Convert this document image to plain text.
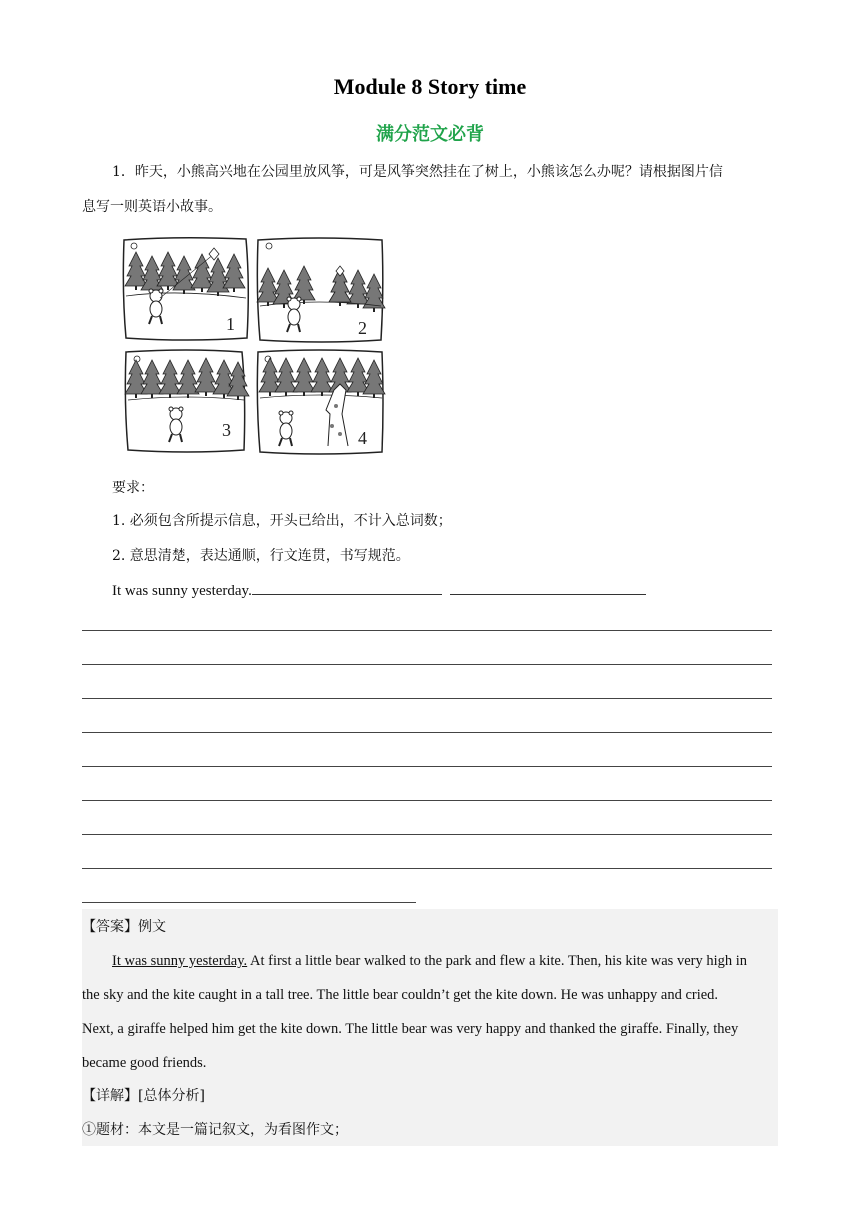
Module 8 Story time
满分范文必背
1．昨天，小熊高兴地在公园里放风筝，可是风筝突然挂在了树上，小熊该怎么办呢？请根据图片信
息写一则英语小故事。
1	2
3	4
要求：
1. 必须包含所提示信息，开头已给出，不计入总词数；
2. 意思清楚，表达通顺，行文连贯，书写规范。
It was sunny yesterday.
【答案】例文
It was sunny yesterday. At first a little bear walked to the park and flew a kite. Then, his kite was very high in
the sky and the kite caught in a tall tree. The little bear couldn’t get the kite down. He was unhappy and cried.
Next, a giraffe helped him get the kite down. The little bear was very happy and thanked the giraffe. Finally, they
became good friends.
【详解】[总体分析]
①题材：本文是一篇记叙文，为看图作文；
